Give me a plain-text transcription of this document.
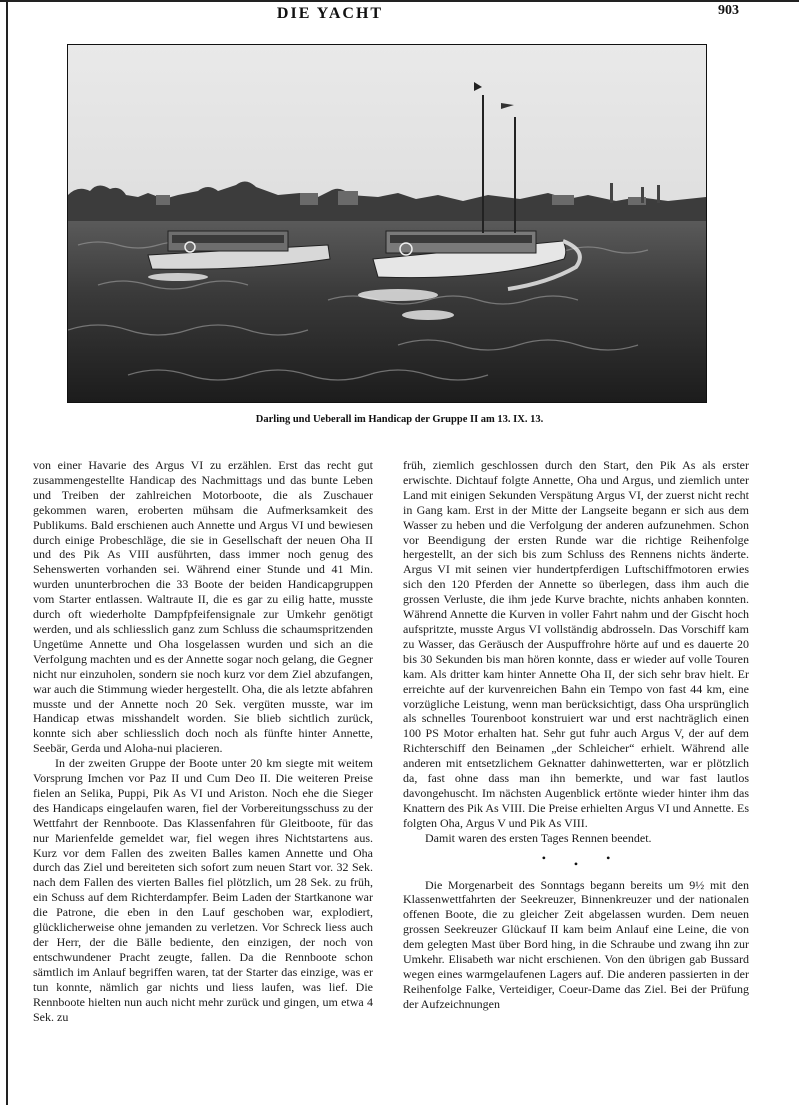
DIE YACHT	903
Darling und Ueberall im Handicap der Gruppe II am 13. IX. 13.

von einer Havarie des Argus VI zu erzählen. Erst das recht gut zusammengestellte Handicap des Nachmittags und das bunte Leben und Treiben der zahlreichen Motorboote, die als Zuschauer gekommen waren, eroberten mühsam die Aufmerksamkeit des Publikums. Bald erschienen auch Annette und Argus VI und bewiesen durch einige Probeschläge, die sie in Gesellschaft der neuen Oha II und des Pik As VIII ausführten, dass immer noch genug des Sehenswerten vorhanden sei. Während einer Stunde und 41 Min. wurden ununterbrochen die 33 Boote der beiden Handicapgruppen vom Starter entlassen. Waltraute II, die es gar zu eilig hatte, musste durch oft wiederholte Dampfpfeifensignale zur Umkehr genötigt werden, und als schliesslich ganz zum Schluss die schaumspritzenden Ungetüme Annette und Oha losgelassen wurden und sich an die Verfolgung machten und es der Annette sogar noch gelang, die Gegner nicht nur einzuholen, sondern sie noch kurz vor dem Ziel abzufangen, war auch die Stimmung wieder hergestellt. Oha, die als letzte abfahren musste und der Annette noch 20 Sek. vergüten musste, war im Handicap etwas misshandelt worden. Sie blieb sichtlich zurück, konnte sich aber schliesslich doch noch als fünfte hinter Annette, Seebär, Gerda und Aloha-nui placieren.

In der zweiten Gruppe der Boote unter 20 km siegte mit weitem Vorsprung Imchen vor Paz II und Cum Deo II. Die weiteren Preise fielen an Selika, Puppi, Pik As VI und Ariston. Noch ehe die Sieger des Handicaps eingelaufen waren, fiel der Vorbereitungsschuss zu der Wettfahrt der Rennboote. Das Klassenfahren für Gleitboote, für das nur Marienfelde gemeldet war, fiel wegen ihres Nichtstartens aus. Kurz vor dem Fallen des zweiten Balles kamen Annette und Oha durch das Ziel und bereiteten sich sofort zum neuen Start vor. 32 Sek. nach dem Fallen des vierten Balles fiel plötzlich, um 28 Sek. zu früh, ein Schuss auf dem Richterdampfer. Beim Laden der Startkanone war die Patrone, die eben in den Lauf geschoben war, explodiert, glücklicherweise ohne jemanden zu verletzen. Vor Schreck liess auch der Herr, der die Bälle bediente, den einzigen, der noch von entschwundener Pracht zeugte, fallen. Da die Rennboote schon sämtlich im Anlauf begriffen waren, tat der Starter das einzige, was er tun konnte, nämlich gar nichts und liess laufen, was lief. Die Rennboote hielten nun auch nicht mehr zurück und gingen, um etwa 4 Sek. zu

früh, ziemlich geschlossen durch den Start, den Pik As als erster erwischte. Dichtauf folgte Annette, Oha und Argus, und ziemlich unter Land mit einigen Sekunden Verspätung Argus VI, der zuerst nicht recht in Gang kam. Erst in der Mitte der Langseite begann er sich aus dem Wasser zu heben und die Verfolgung der anderen aufzunehmen. Schon vor Beendigung der ersten Runde war die richtige Reihenfolge hergestellt, an der sich bis zum Schluss des Rennens nichts änderte. Argus VI mit seinen vier hundertpferdigen Luftschiffmotoren erwies sich den 120 Pferden der Annette so überlegen, dass ihm auch die grossen Verluste, die ihm jede Kurve brachte, nichts anhaben konnten. Während Annette die Kurven in voller Fahrt nahm und der Gischt hoch aufspritzte, musste Argus VI vollständig abdrosseln. Das Vorschiff kam zu Wasser, das Geräusch der Auspuffrohre hörte auf und es dauerte 20 bis 30 Sekunden bis man hören konnte, dass er wieder auf volle Touren kam. Als dritter kam hinter Annette Oha II, der sich sehr brav hielt. Er erreichte auf der kurvenreichen Bahn ein Tempo von fast 44 km, eine vorzügliche Leistung, wenn man berücksichtigt, dass Oha ursprünglich als schnelles Tourenboot konstruiert war und erst nachträglich einen 100 PS Motor erhalten hat. Sehr gut fuhr auch Argus V, der auf dem Richterschiff den Beinamen „der Schleicher“ erhielt. Während alle anderen mit entsetzlichem Geknatter dahinwetterten, war er plötzlich da, fast ohne dass man ihn bemerkte, und war fast lautlos davongehuscht. Im nächsten Augenblick ertönte wieder hinter ihm das Knattern des Pik As VIII. Die Preise erhielten Argus VI und Annette. Es folgten Oha, Argus V und Pik As VIII.

Damit waren des ersten Tages Rennen beendet.

• • •

Die Morgenarbeit des Sonntags begann bereits um 9½ mit den Klassenwettfahrten der Seekreuzer, Binnenkreuzer und der nationalen offenen Boote, die zu gleicher Zeit abgelassen wurden. Dem neuen grossen Seekreuzer Glückauf II kam beim Anlauf eine Leine, die von dem gelegten Mast über Bord hing, in die Schraube und zwang ihn zur Umkehr. Elisabeth war nicht erschienen. Von den übrigen gab Bussard wegen eines warmgelaufenen Lagers auf. Die anderen passierten in der Reihenfolge Falke, Verteidiger, Coeur-Dame das Ziel. Bei der Prüfung der Aufzeichnungen
